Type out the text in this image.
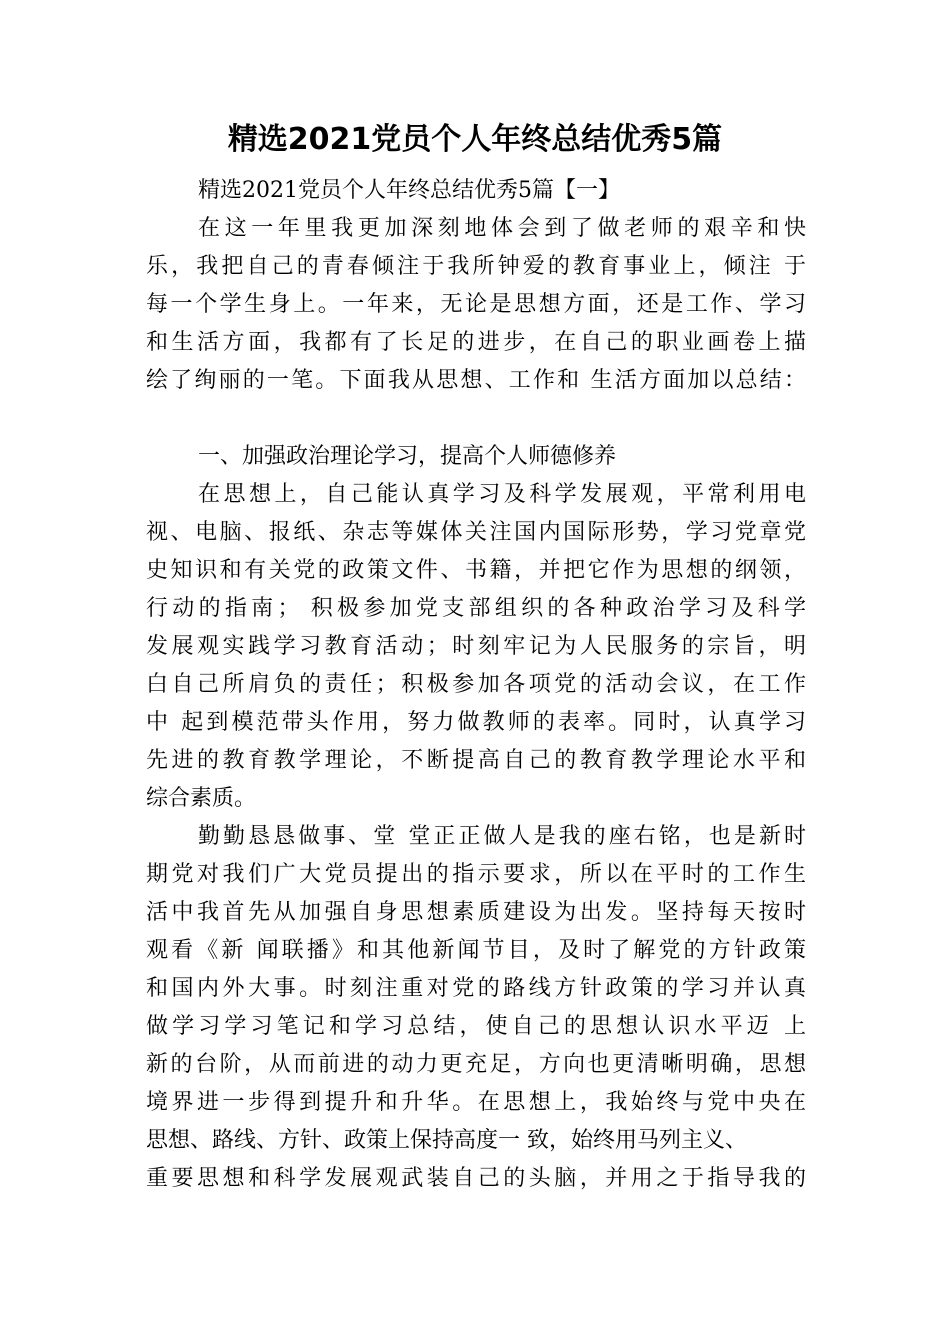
精选2021党员个人年终总结优秀5篇

精选2021党员个人年终总结优秀5篇【一】

在这一年里我更加深刻地体会到了做老师的艰辛和快

乐，我把自己的青春倾注于我所钟爱的教育事业上，倾注 于

每一个学生身上。一年来，无论是思想方面，还是工作、学习

和生活方面，我都有了长足的进步，在自己的职业画卷上描

绘了绚丽的一笔。下面我从思想、工作和 生活方面加以总结：

一、加强政治理论学习，提高个人师德修养

在思想上，自己能认真学习及科学发展观，平常利用电

视、电脑、报纸、杂志等媒体关注国内国际形势，学习党章党

史知识和有关党的政策文件、书籍，并把它作为思想的纲领，

行动的指南； 积极参加党支部组织的各种政治学习及科学

发展观实践学习教育活动；时刻牢记为人民服务的宗旨，明

白自己所肩负的责任；积极参加各项党的活动会议，在工作

中 起到模范带头作用，努力做教师的表率。同时，认真学习

先进的教育教学理论，不断提高自己的教育教学理论水平和

综合素质。

勤勤恳恳做事、堂 堂正正做人是我的座右铭，也是新时

期党对我们广大党员提出的指示要求，所以在平时的工作生

活中我首先从加强自身思想素质建设为出发。坚持每天按时

观看《新 闻联播》和其他新闻节目，及时了解党的方针政策

和国内外大事。时刻注重对党的路线方针政策的学习并认真

做学习学习笔记和学习总结，使自己的思想认识水平迈 上

新的台阶，从而前进的动力更充足，方向也更清晰明确，思想

境界进一步得到提升和升华。在思想上，我始终与党中央在

思想、路线、方针、政策上保持高度一 致，始终用马列主义、

重要思想和科学发展观武装自己的头脑，并用之于指导我的
